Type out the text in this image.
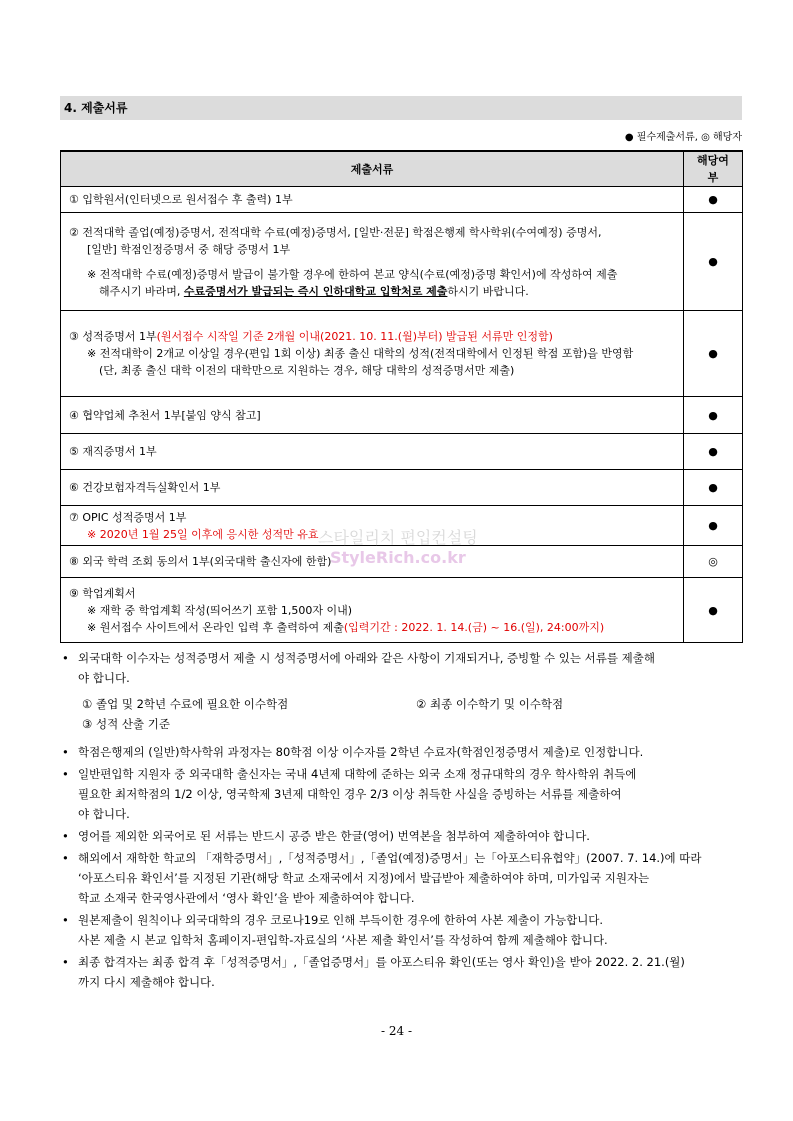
4. 제출서류
● 필수제출서류, ◎ 해당자
제출서류	해당여부
① 입학원서(인터넷으로 원서접수 후 출력) 1부	●

② 전적대학 졸업(예정)증명서, 전적대학 수료(예정)증명서, [일반·전문] 학점은행제 학사학위(수여예정) 증명서,
[일반] 학점인정증명서 중 해당 증명서 1부
※ 전적대학 수료(예정)증명서 발급이 불가할 경우에 한하여 본교 양식(수료(예정)증명 확인서)에 작성하여 제출
해주시기 바라며, 수료증명서가 발급되는 즉시 인하대학교 입학처로 제출하시기 바랍니다.	●

③ 성적증명서 1부(원서접수 시작일 기준 2개월 이내(2021. 10. 11.(월)부터) 발급된 서류만 인정함)
※ 전적대학이 2개교 이상일 경우(편입 1회 이상) 최종 출신 대학의 성적(전적대학에서 인정된 학점 포함)을 반영함
(단, 최종 출신 대학 이전의 대학만으로 지원하는 경우, 해당 대학의 성적증명서만 제출)	●
④ 협약업체 추천서 1부[붙임 양식 참고]	●
⑤ 재직증명서 1부	●
⑥ 건강보험자격득실확인서 1부	●

⑦ OPIC 성적증명서 1부
※ 2020년 1월 25일 이후에 응시한 성적만 유효	●
⑧ 외국 학력 조회 동의서 1부(외국대학 출신자에 한함)	◎

⑨ 학업계획서
※ 재학 중 학업계획 작성(띄어쓰기 포함 1,500자 이내)
※ 원서접수 사이트에서 온라인 입력 후 출력하여 제출(입력기간 : 2022. 1. 14.(금) ~ 16.(일), 24:00까지)	●
스타일리치 편입컨설팅
StyleRich.co.kr
• 외국대학 이수자는 성적증명서 제출 시 성적증명서에 아래와 같은 사항이 기재되거나, 증빙할 수 있는 서류를 제출해
야 합니다.
① 졸업 및 2학년 수료에 필요한 이수학점	② 최종 이수학기 및 이수학점
③ 성적 산출 기준
• 학점은행제의 (일반)학사학위 과정자는 80학점 이상 이수자를 2학년 수료자(학점인정증명서 제출)로 인정합니다.
• 일반편입학 지원자 중 외국대학 출신자는 국내 4년제 대학에 준하는 외국 소재 정규대학의 경우 학사학위 취득에
필요한 최저학점의 1/2 이상, 영국학제 3년제 대학인 경우 2/3 이상 취득한 사실을 증빙하는 서류를 제출하여
야 합니다.
• 영어를 제외한 외국어로 된 서류는 반드시 공증 받은 한글(영어) 번역본을 첨부하여 제출하여야 합니다.
• 해외에서 재학한 학교의 「재학증명서」,「성적증명서」,「졸업(예정)증명서」는「아포스티유협약」(2007. 7. 14.)에 따라
‘아포스티유 확인서’를 지정된 기관(해당 학교 소재국에서 지정)에서 발급받아 제출하여야 하며, 미가입국 지원자는
학교 소재국 한국영사관에서 ‘영사 확인’을 받아 제출하여야 합니다.
• 원본제출이 원칙이나 외국대학의 경우 코로나19로 인해 부득이한 경우에 한하여 사본 제출이 가능합니다.
사본 제출 시 본교 입학처 홈페이지-편입학-자료실의 ‘사본 제출 확인서’를 작성하여 함께 제출해야 합니다.
• 최종 합격자는 최종 합격 후「성적증명서」,「졸업증명서」를 아포스티유 확인(또는 영사 확인)을 받아 2022. 2. 21.(월)
까지 다시 제출해야 합니다.
- 24 -
